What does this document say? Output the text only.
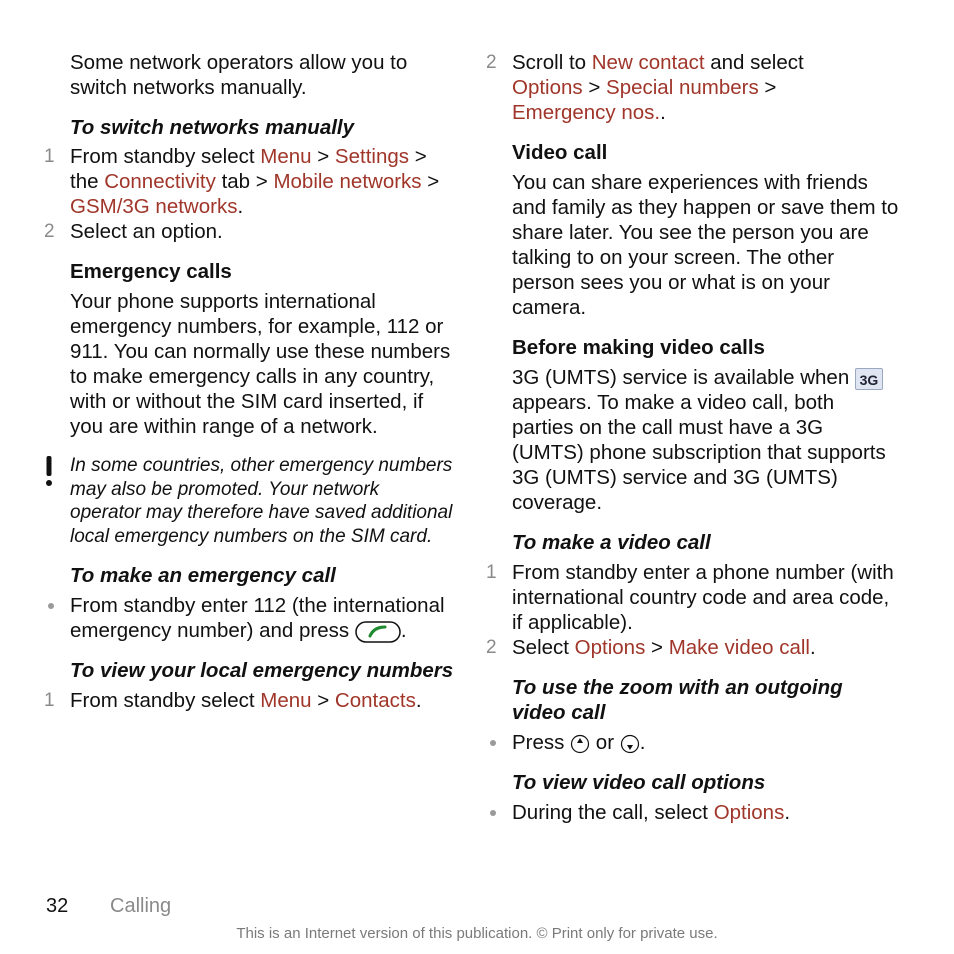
Some network operators allow you to switch networks manually.

To switch networks manually

1 From standby select Menu > Settings > the Connectivity tab > Mobile networks > GSM/3G networks.
2 Select an option.

Emergency calls

Your phone supports international emergency numbers, for example, 112 or 911. You can normally use these numbers to make emergency calls in any country, with or without the SIM card inserted, if you are within range of a network.

In some countries, other emergency numbers may also be promoted. Your network operator may therefore have saved additional local emergency numbers on the SIM card.

To make an emergency call

From standby enter 112 (the international emergency number) and press .

To view your local emergency numbers

1 From standby select Menu > Contacts.
2 Scroll to New contact and select
Options > Special numbers >
Emergency nos..

Video call

You can share experiences with friends and family as they happen or save them to share later. You see the person you are talking to on your screen. The other person sees you or what is on your camera.

Before making video calls

3G (UMTS) service is available when 3G appears. To make a video call, both parties on the call must have a 3G (UMTS) phone subscription that supports 3G (UMTS) service and 3G (UMTS) coverage.

To make a video call

1 From standby enter a phone number (with international country code and area code, if applicable).
2 Select Options > Make video call.

To use the zoom with an outgoing video call

Press  or .

To view video call options

During the call, select Options.
32 Calling
This is an Internet version of this publication. © Print only for private use.
